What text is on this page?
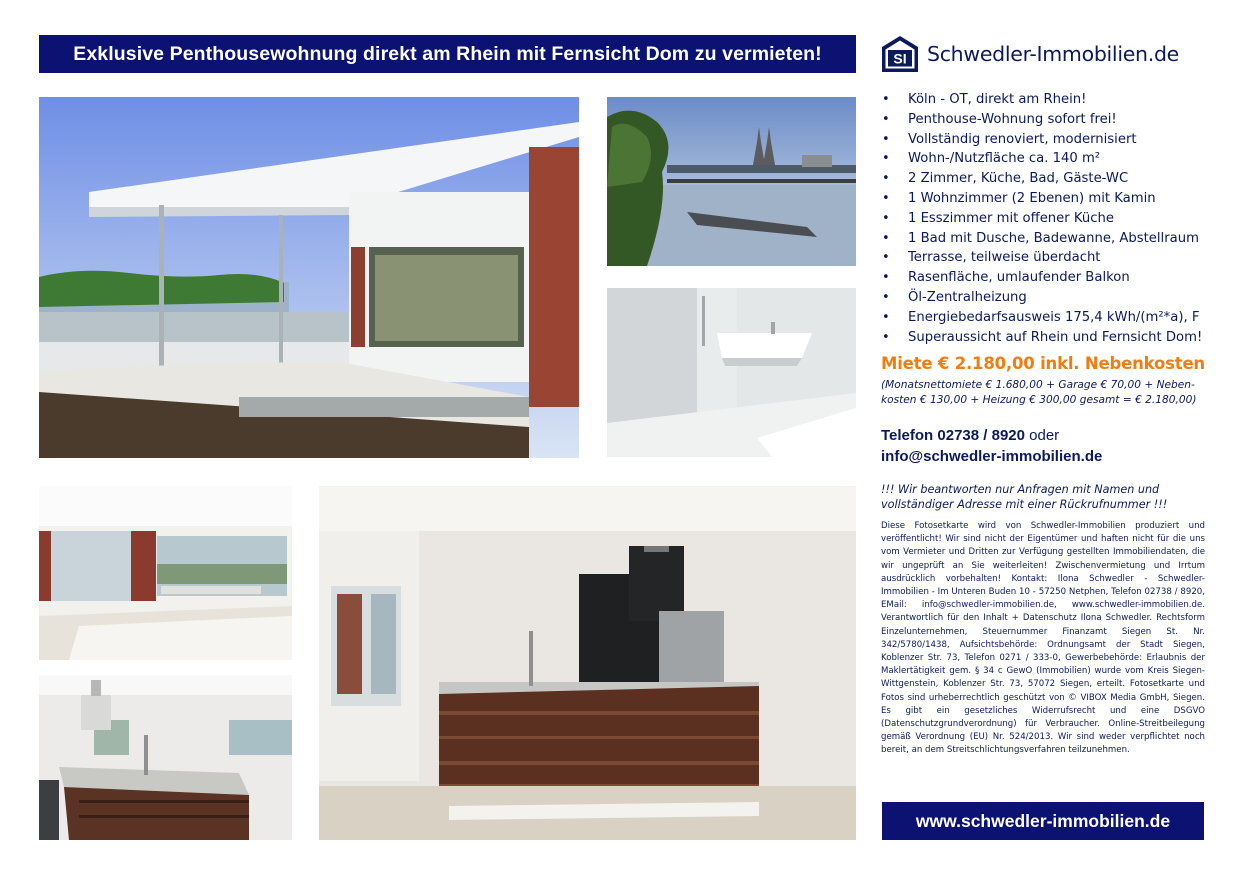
Exklusive Penthousewohnung direkt am Rhein mit Fernsicht Dom zu vermieten!	SI Schwedler-Immobilien.de
• Köln - OT, direkt am Rhein!
• Penthouse-Wohnung sofort frei!
• Vollständig renoviert, modernisiert
• Wohn-/Nutzfläche ca. 140 m²
• 2 Zimmer, Küche, Bad, Gäste-WC
• 1 Wohnzimmer (2 Ebenen) mit Kamin
• 1 Esszimmer mit offener Küche
• 1 Bad mit Dusche, Badewanne, Abstellraum
• Terrasse, teilweise überdacht
• Rasenfläche, umlaufender Balkon
• Öl-Zentralheizung
• Energiebedarfsausweis 175,4 kWh/(m²*a), F
• Superaussicht auf Rhein und Fernsicht Dom!
Miete € 2.180,00 inkl. Nebenkosten
(Monatsnettomiete € 1.680,00 + Garage € 70,00 + Neben-kosten € 130,00 + Heizung € 300,00 gesamt = € 2.180,00)
Telefon 02738 / 8920 oder
info@schwedler-immobilien.de
!!! Wir beantworten nur Anfragen mit Namen und vollständiger Adresse mit einer Rückrufnummer !!!
Diese Fotosetkarte wird von Schwedler-Immobilien produziert und veröffentlicht! Wir sind nicht der Eigentümer und haften nicht für die uns vom Vermieter und Dritten zur Verfügung gestellten Immobiliendaten, die wir ungeprüft an Sie weiterleiten! Zwischenvermietung und Irrtum ausdrücklich vorbehalten! Kontakt: Ilona Schwedler - Schwedler-Immobilien - Im Unteren Buden 10 - 57250 Netphen, Telefon 02738 / 8920, EMail: info@schwedler-immobilien.de, www.schwedler-immobilien.de. Verantwortlich für den Inhalt + Datenschutz Ilona Schwedler. Rechtsform Einzelunternehmen, Steuernummer Finanzamt Siegen St. Nr. 342/5780/1438, Aufsichtsbehörde: Ordnungsamt der Stadt Siegen, Koblenzer Str. 73, Telefon 0271 / 333-0, Gewerbebehörde: Erlaubnis der Maklertätigkeit gem. § 34 c GewO (Immobilien) wurde vom Kreis Siegen-Wittgenstein, Koblenzer Str. 73, 57072 Siegen, erteilt. Fotosetkarte und Fotos sind urheberrechtlich geschützt von © VIBOX Media GmbH, Siegen. Es gibt ein gesetzliches Widerrufsrecht und eine DSGVO (Datenschutzgrundverordnung) für Verbraucher. Online-Streitbeilegung gemäß Verordnung (EU) Nr. 524/2013. Wir sind weder verpflichtet noch bereit, an dem Streitschlichtungsverfahren teilzunehmen.
www.schwedler-immobilien.de
